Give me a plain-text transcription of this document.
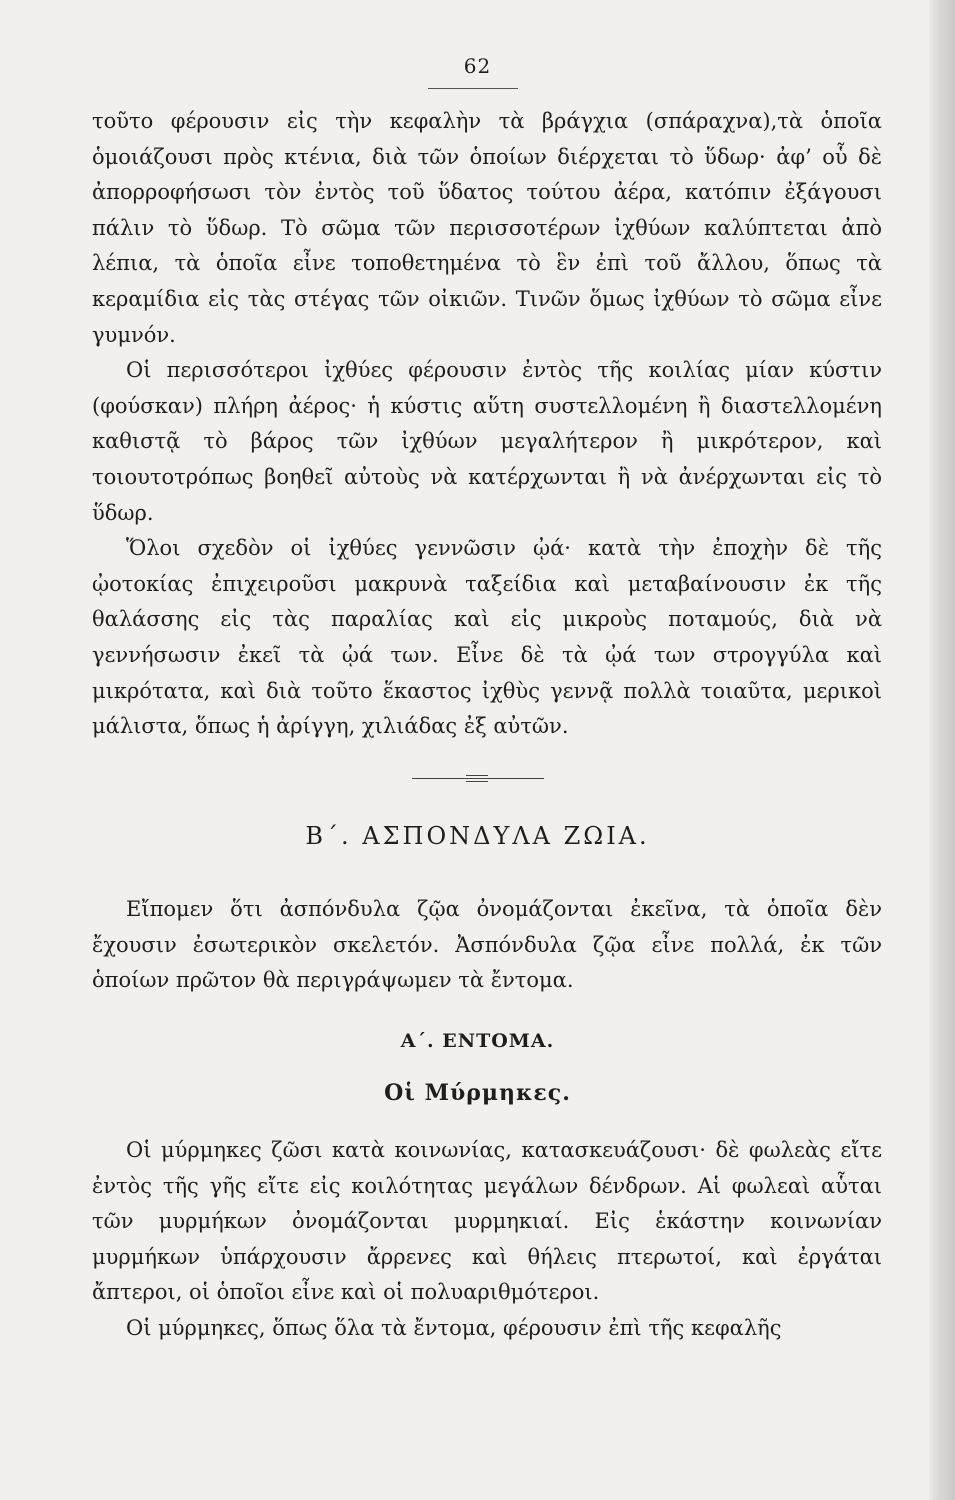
62

τοῦτο φέρουσιν εἰς τὴν κεφαλὴν τὰ βράγχια (σπάραχνα),τὰ ὁποῖα ὁμοιάζουσι πρὸς κτένια, διὰ τῶν ὁποίων διέρχεται τὸ ὕδωρ· ἀφ’ οὗ δὲ ἀπορροφήσωσι τὸν ἐντὸς τοῦ ὕδατος τούτου ἀέρα, κατόπιν ἐξάγουσι πάλιν τὸ ὕδωρ. Τὸ σῶμα τῶν περισσοτέρων ἰχθύων καλύπτεται ἀπὸ λέπια, τὰ ὁποῖα εἶνε τοποθετημένα τὸ ἓν ἐπὶ τοῦ ἄλλου, ὅπως τὰ κεραμίδια εἰς τὰς στέγας τῶν οἰκιῶν. Τινῶν ὅμως ἰχθύων τὸ σῶμα εἶνε γυμνόν.

Οἱ περισσότεροι ἰχθύες φέρουσιν ἐντὸς τῆς κοιλίας μίαν κύστιν (φούσκαν) πλήρη ἀέρος· ἡ κύστις αὕτη συστελλομένη ἢ διαστελλομένη καθιστᾷ τὸ βάρος τῶν ἰχθύων μεγαλήτερον ἢ μικρότερον, καὶ τοιουτοτρόπως βοηθεῖ αὐτοὺς νὰ κατέρχωνται ἢ νὰ ἀνέρχωνται εἰς τὸ ὕδωρ.

Ὅλοι σχεδὸν οἱ ἰχθύες γεννῶσιν ᾠά· κατὰ τὴν ἐποχὴν δὲ τῆς ᾠοτοκίας ἐπιχειροῦσι μακρυνὰ ταξείδια καὶ μεταβαίνουσιν ἐκ τῆς θαλάσσης εἰς τὰς παραλίας καὶ εἰς μικροὺς ποταμούς, διὰ νὰ γεννήσωσιν ἐκεῖ τὰ ᾠά των. Εἶνε δὲ τὰ ᾠά των στρογγύλα καὶ μικρότατα, καὶ διὰ τοῦτο ἕκαστος ἰχθὺς γεννᾷ πολλὰ τοιαῦτα, μερικοὶ μάλιστα, ὅπως ἡ ἀρίγγη, χιλιάδας ἐξ αὐτῶν.

Β΄. ΑΣΠΟΝΔΥΛΑ ΖΩΙΑ.

Εἴπομεν ὅτι ἀσπόνδυλα ζῷα ὀνομάζονται ἐκεῖνα, τὰ ὁποῖα δὲν ἔχουσιν ἐσωτερικὸν σκελετόν. Ἀσπόνδυλα ζῷα εἶνε πολλά, ἐκ τῶν ὁποίων πρῶτον θὰ περιγράψωμεν τὰ ἔντομα.

Α΄. ΕΝΤΟΜΑ.
Οἱ Μύρμηκες.

Οἱ μύρμηκες ζῶσι κατὰ κοινωνίας, κατασκευάζουσι· δὲ φωλεὰς εἴτε ἐντὸς τῆς γῆς εἴτε εἰς κοιλότητας μεγάλων δένδρων. Αἱ φωλεαὶ αὗται τῶν μυρμήκων ὀνομάζονται μυρμηκιαί. Εἰς ἑκάστην κοινωνίαν μυρμήκων ὑπάρχουσιν ἄρρενες καὶ θήλεις πτερωτοί, καὶ ἐργάται ἄπτεροι, οἱ ὁποῖοι εἶνε καὶ οἱ πολυαριθμότεροι.

Οἱ μύρμηκες, ὅπως ὅλα τὰ ἔντομα, φέρουσιν ἐπὶ τῆς κεφαλῆς
